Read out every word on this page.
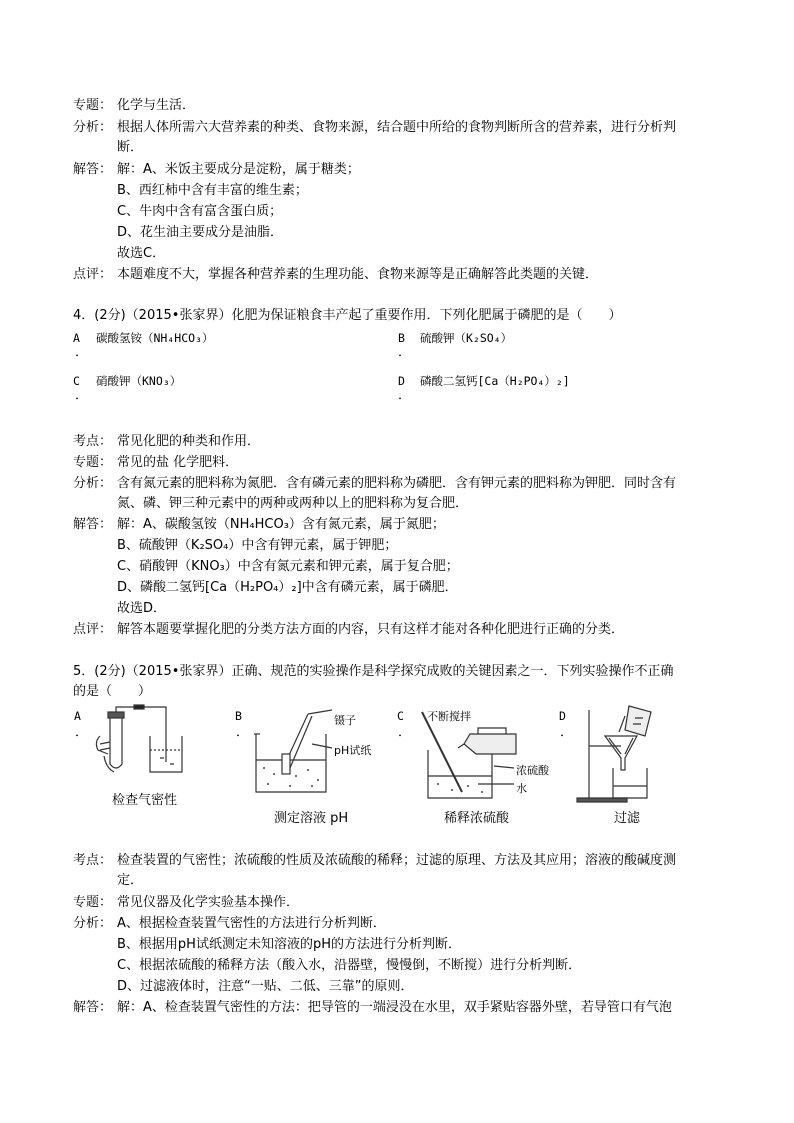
专题： 化学与生活．
分析： 根据人体所需六大营养素的种类、食物来源，结合题中所给的食物判断所含的营养素，进行分析判
断．
解答： 解：A、米饭主要成分是淀粉，属于糖类；
B、西红柿中含有丰富的维生素；
C、牛肉中含有富含蛋白质；
D、花生油主要成分是油脂．
故选C．
点评： 本题难度不大，掌握各种营养素的生理功能、食物来源等是正确解答此类题的关键．
4．(2分)（2015•张家界）化肥为保证粮食丰产起了重要作用．下列化肥属于磷肥的是（　　）
A 碳酸氢铵（NH₄HCO₃）
．
B 硫酸钾（K₂SO₄）
．
C 硝酸钾（KNO₃）
．
D 磷酸二氢钙[Ca（H₂PO₄）₂]
．
考点： 常见化肥的种类和作用．
专题： 常见的盐 化学肥料．
分析： 含有氮元素的肥料称为氮肥．含有磷元素的肥料称为磷肥．含有钾元素的肥料称为钾肥．同时含有
氮、磷、钾三种元素中的两种或两种以上的肥料称为复合肥．
解答： 解：A、碳酸氢铵（NH₄HCO₃）含有氮元素，属于氮肥；
B、硫酸钾（K₂SO₄）中含有钾元素，属于钾肥；
C、硝酸钾（KNO₃）中含有氮元素和钾元素，属于复合肥；
D、磷酸二氢钙[Ca（H₂PO₄）₂]中含有磷元素，属于磷肥．
故选D．
点评： 解答本题要掌握化肥的分类方法方面的内容，只有这样才能对各种化肥进行正确的分类．
5．(2分)（2015•张家界）正确、规范的实验操作是科学探究成败的关键因素之一．下列实验操作不正确
的是（　　）
A
．
B
．
C
．
D
．
检查气密性
镊子
pH试纸
测定溶液 pH
不断搅拌
浓硫酸
水
稀释浓硫酸	过滤
考点： 检查装置的气密性；浓硫酸的性质及浓硫酸的稀释；过滤的原理、方法及其应用；溶液的酸碱度测
定．
专题： 常见仪器及化学实验基本操作．
分析： A、根据检查装置气密性的方法进行分析判断．
B、根据用pH试纸测定未知溶液的pH的方法进行分析判断．
C、根据浓硫酸的稀释方法（酸入水，沿器壁，慢慢倒，不断搅）进行分析判断．
D、过滤液体时，注意“一贴、二低、三靠”的原则．
解答： 解：A、检查装置气密性的方法：把导管的一端浸没在水里，双手紧贴容器外壁，若导管口有气泡
